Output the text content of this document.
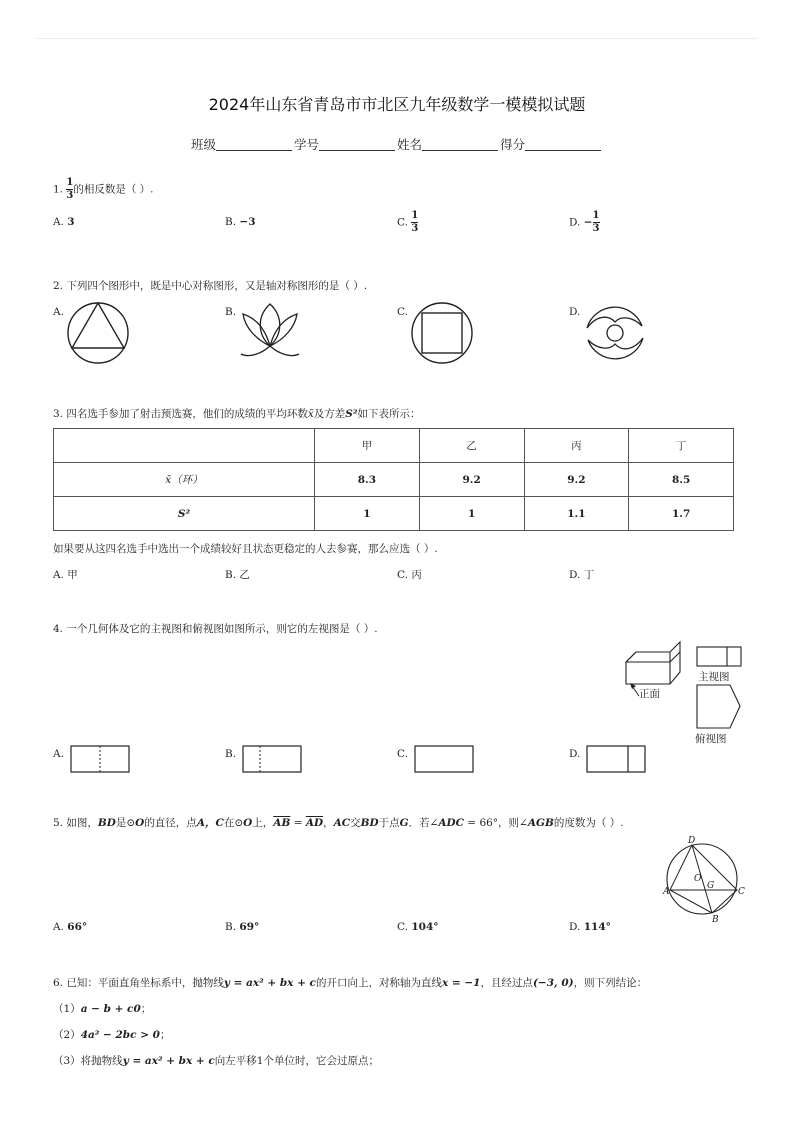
2024年山东省青岛市市北区九年级数学一模模拟试题
班级	学号	姓名	得分
1. $\frac{1}{3}$ 的相反数是（ ）.
A. 3	B. −3	C. $\frac{1}{3}$	D. − $\frac{1}{3}$
2. 下列四个图形中，既是中心对称图形，又是轴对称图形的是（ ）.
A.	B.	C.	D.
3. 四名选手参加了射击预选赛，他们的成绩的平均环数x̄及方差S²如下表所示：
	甲	乙	丙	丁
x̄（环）	8.3	9.2	9.2	8.5
S²	1	1	1.1	1.7
如果要从这四名选手中选出一个成绩较好且状态更稳定的人去参赛，那么应选（ ）.
A. 甲	B. 乙	C. 丙	D. 丁
4. 一个几何体及它的主视图和俯视图如图所示，则它的左视图是（ ）.
正面
主视图
俯视图
A.	B.	C.	D.
5. 如图，BD是⊙O的直径，点A，C在⊙O上，$\overline{AB} = \overline{AD}$，AC交BD于点G．若∠ADC = 66°，则∠AGB的度数为（ ）.
D
O
G
A	C
B
A. 66°	B. 69°	C. 104°	D. 114°
6. 已知：平面直角坐标系中，抛物线y = ax² + bx + c的开口向上，对称轴为直线x = −1，且经过点(−3, 0)，则下列结论：
（1）a − b + c0；
（2）4a² − 2bc > 0；
（3）将抛物线y = ax² + bx + c向左平移1个单位时，它会过原点；
